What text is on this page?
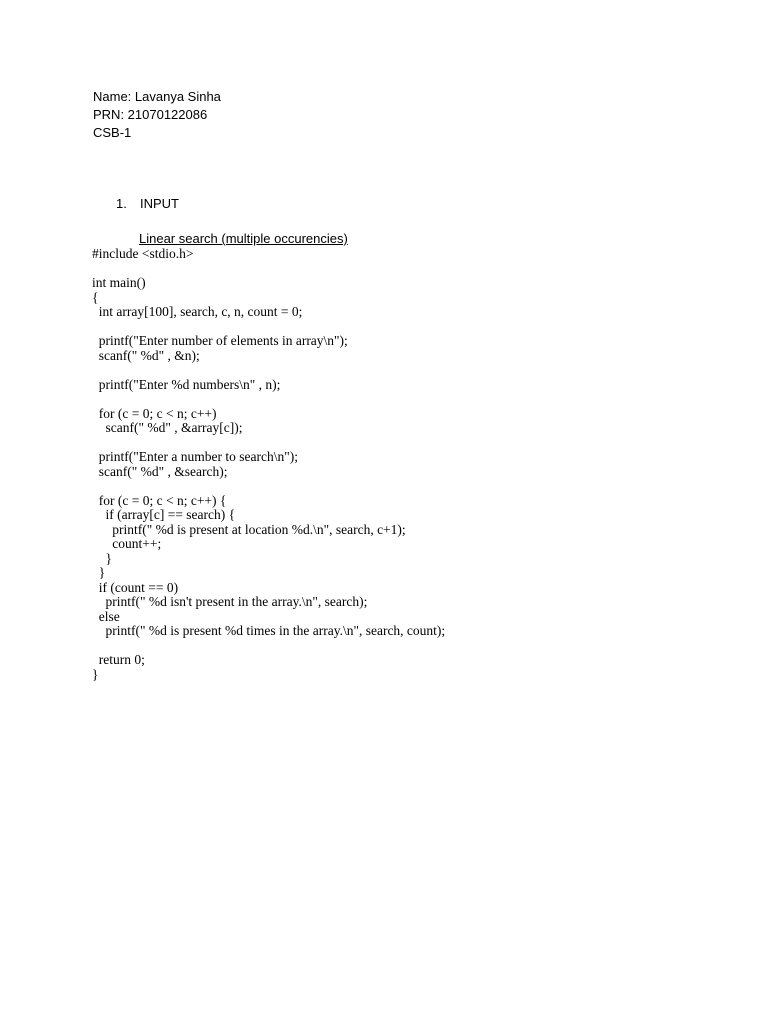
Name: Lavanya Sinha
PRN: 21070122086
CSB-1
1. INPUT
Linear search (multiple occurencies)
#include <stdio.h>
int main()
{
int array[100], search, c, n, count = 0;
printf("Enter number of elements in array\n");
scanf(" %d" , &n);
printf("Enter %d numbers\n" , n);
for (c = 0; c < n; c++)
scanf(" %d" , &array[c]);
printf("Enter a number to search\n");
scanf(" %d" , &search);
for (c = 0; c < n; c++) {
if (array[c] == search) {
printf(" %d is present at location %d.\n", search, c+1);
count++;
}
}
if (count == 0)
printf(" %d isn't present in the array.\n", search);
else
printf(" %d is present %d times in the array.\n", search, count);
return 0;
}
